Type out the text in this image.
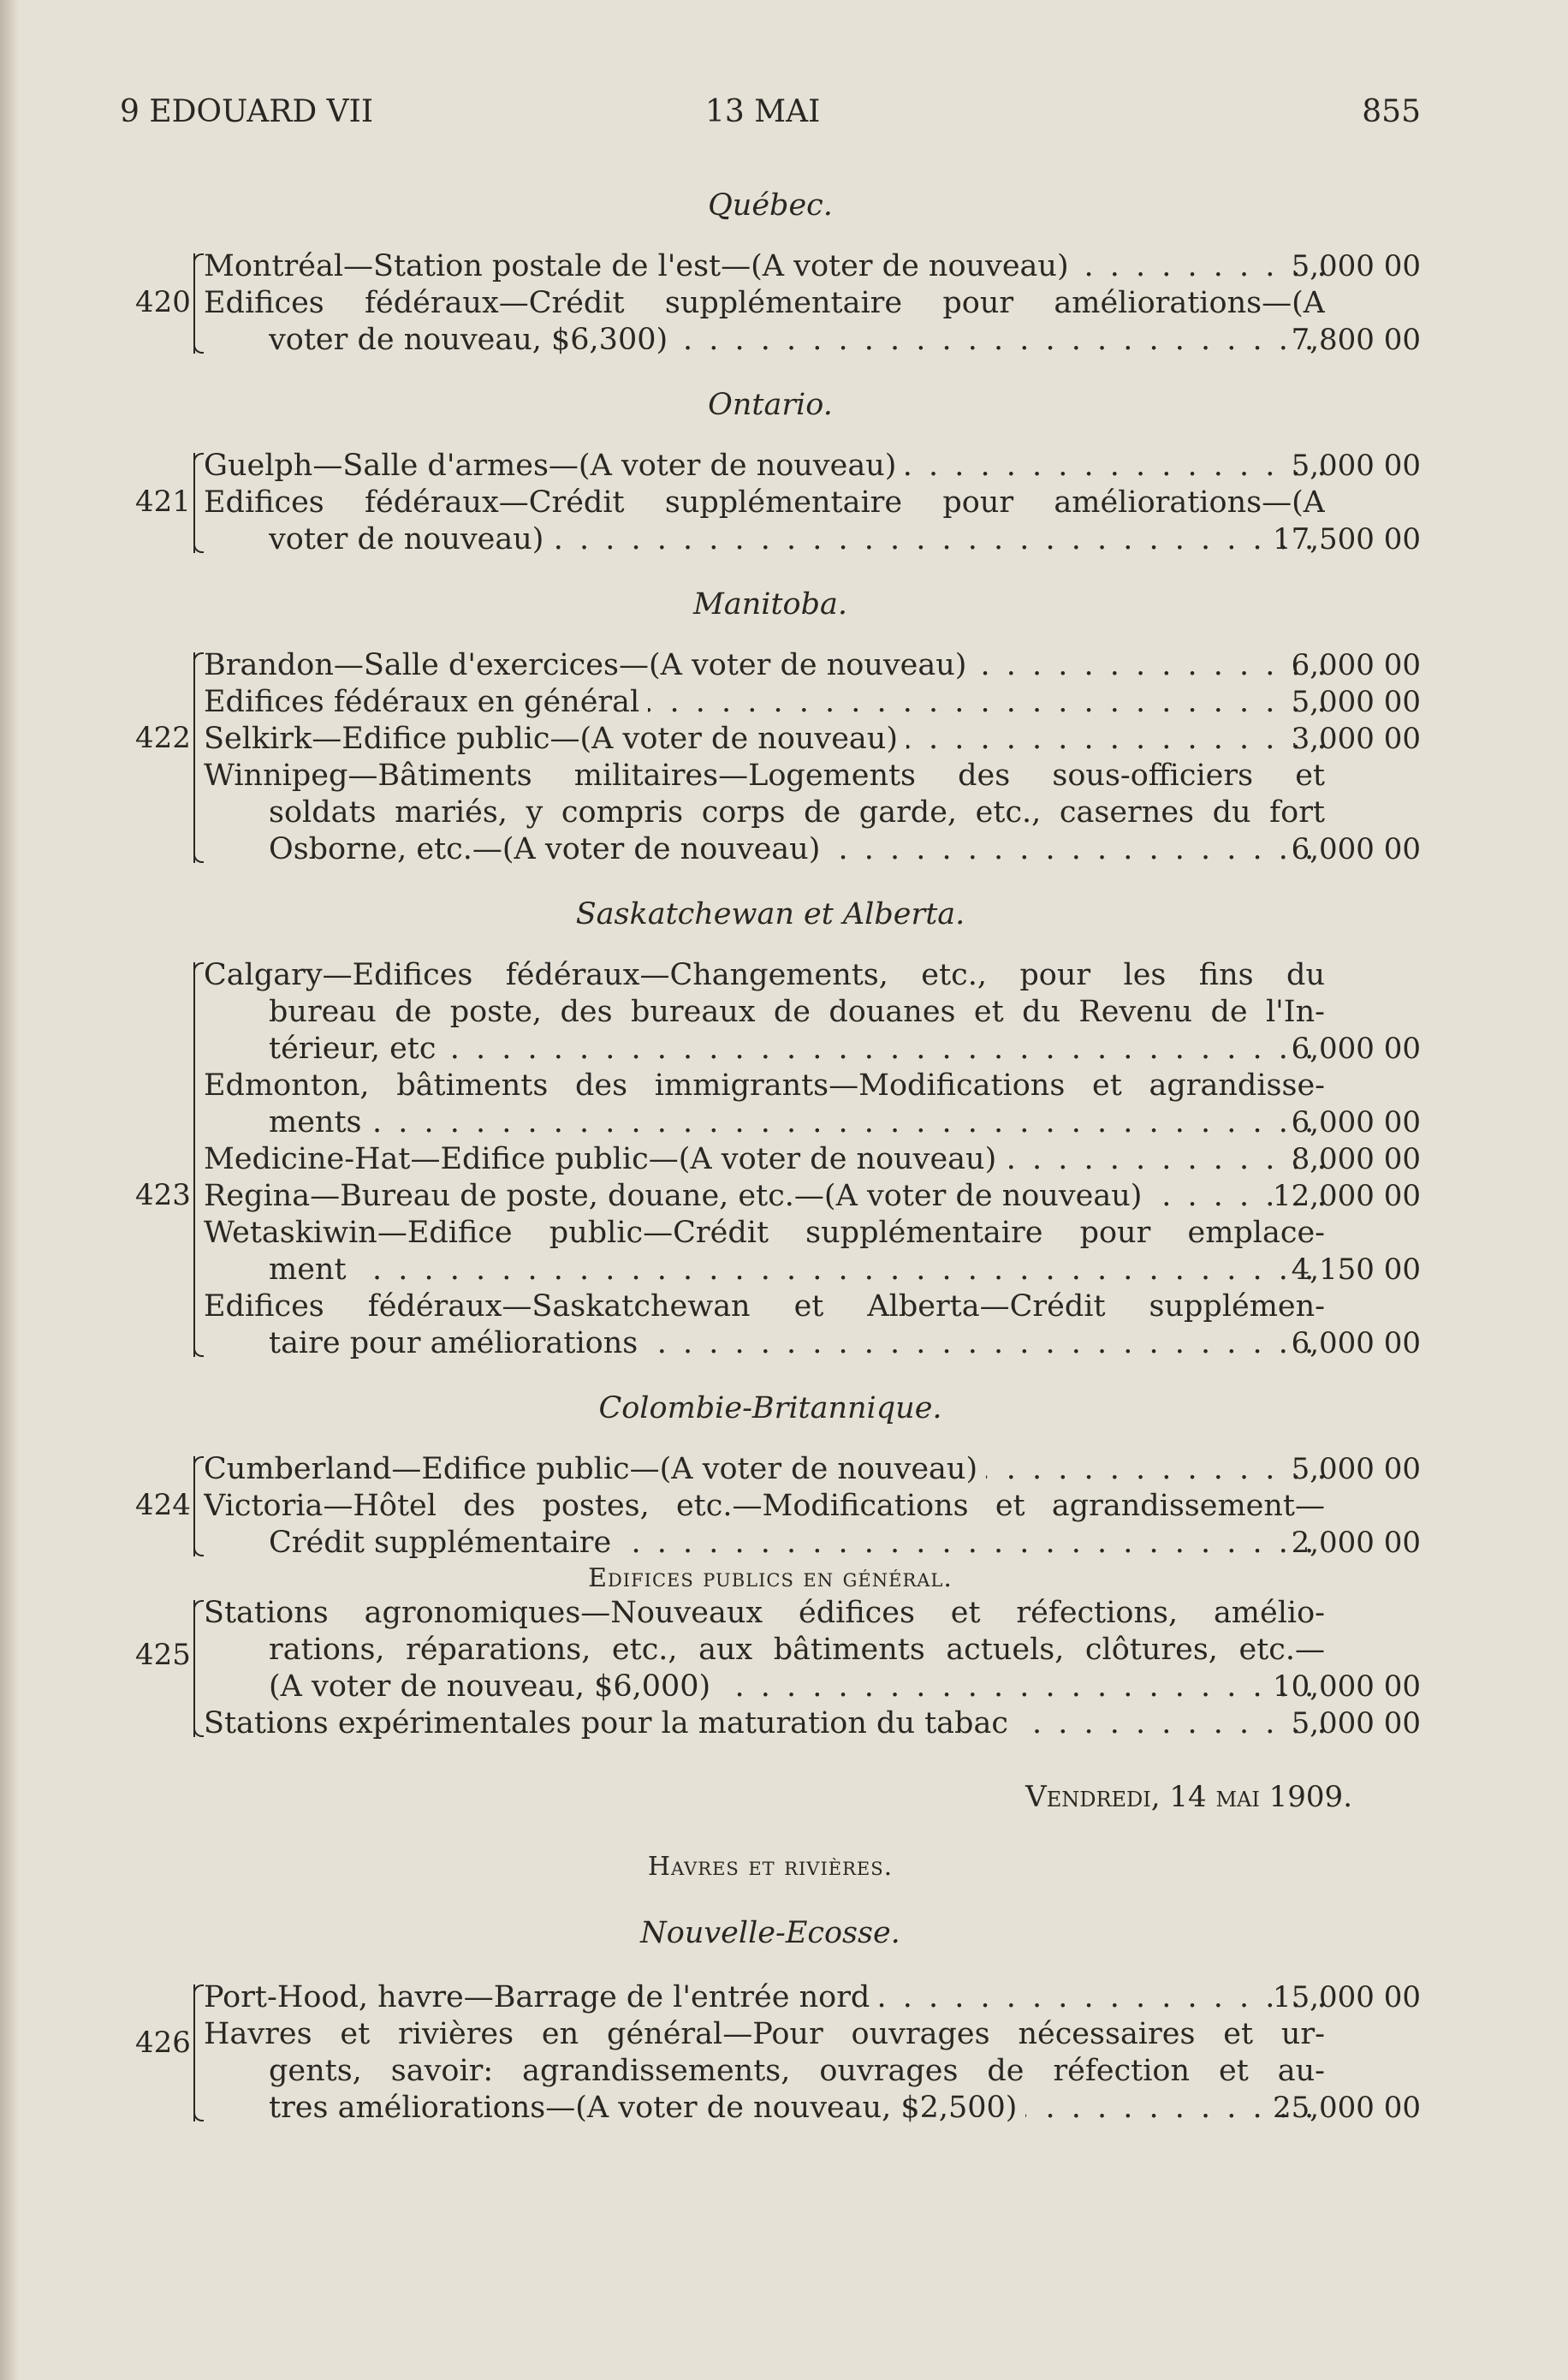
9 EDOUARD VII	13 MAI	855
Québec.
420
Montréal—Station postale de l'est—(A voter de nouveau) . . .	5,000 00
Edifices fédéraux—Crédit supplémentaire pour améliorations—(A
voter de nouveau, $6,300) . . .	7,800 00
Ontario.
421
Guelph—Salle d'armes—(A voter de nouveau) . . .	5,000 00
Edifices fédéraux—Crédit supplémentaire pour améliorations—(A
voter de nouveau) . . .	17,500 00
Manitoba.
422
Brandon—Salle d'exercices—(A voter de nouveau) . . .	6,000 00
Edifices fédéraux en général . . .	5,000 00
Selkirk—Edifice public—(A voter de nouveau) . . .	3,000 00
Winnipeg—Bâtiments militaires—Logements des sous-officiers et
soldats mariés, y compris corps de garde, etc., casernes du fort
Osborne, etc.—(A voter de nouveau) . . .	6,000 00
Saskatchewan et Alberta.
423
Calgary—Edifices fédéraux—Changements, etc., pour les fins du
bureau de poste, des bureaux de douanes et du Revenu de l'In-
térieur, etc . . .	6,000 00
Edmonton, bâtiments des immigrants—Modifications et agrandisse-
ments . . .	6,000 00
Medicine-Hat—Edifice public—(A voter de nouveau) . . .	8,000 00
Regina—Bureau de poste, douane, etc.—(A voter de nouveau) . . .	12,000 00
Wetaskiwin—Edifice public—Crédit supplémentaire pour emplace-
ment . . .	4,150 00
Edifices fédéraux—Saskatchewan et Alberta—Crédit supplémen-
taire pour améliorations . . .	6,000 00
Colombie-Britannique.
424
Cumberland—Edifice public—(A voter de nouveau) . . .	5,000 00
Victoria—Hôtel des postes, etc.—Modifications et agrandissement—
Crédit supplémentaire . . .	2,000 00
Edifices publics en général.
425
Stations agronomiques—Nouveaux édifices et réfections, amélio-
rations, réparations, etc., aux bâtiments actuels, clôtures, etc.—
(A voter de nouveau, $6,000) . . .	10,000 00
Stations expérimentales pour la maturation du tabac . . .	5,000 00
Vendredi, 14 mai 1909.
Havres et rivières.
Nouvelle-Ecosse.
426
Port-Hood, havre—Barrage de l'entrée nord . . .	15,000 00
Havres et rivières en général—Pour ouvrages nécessaires et ur-
gents, savoir: agrandissements, ouvrages de réfection et au-
tres améliorations—(A voter de nouveau, $2,500) . . .	25,000 00
